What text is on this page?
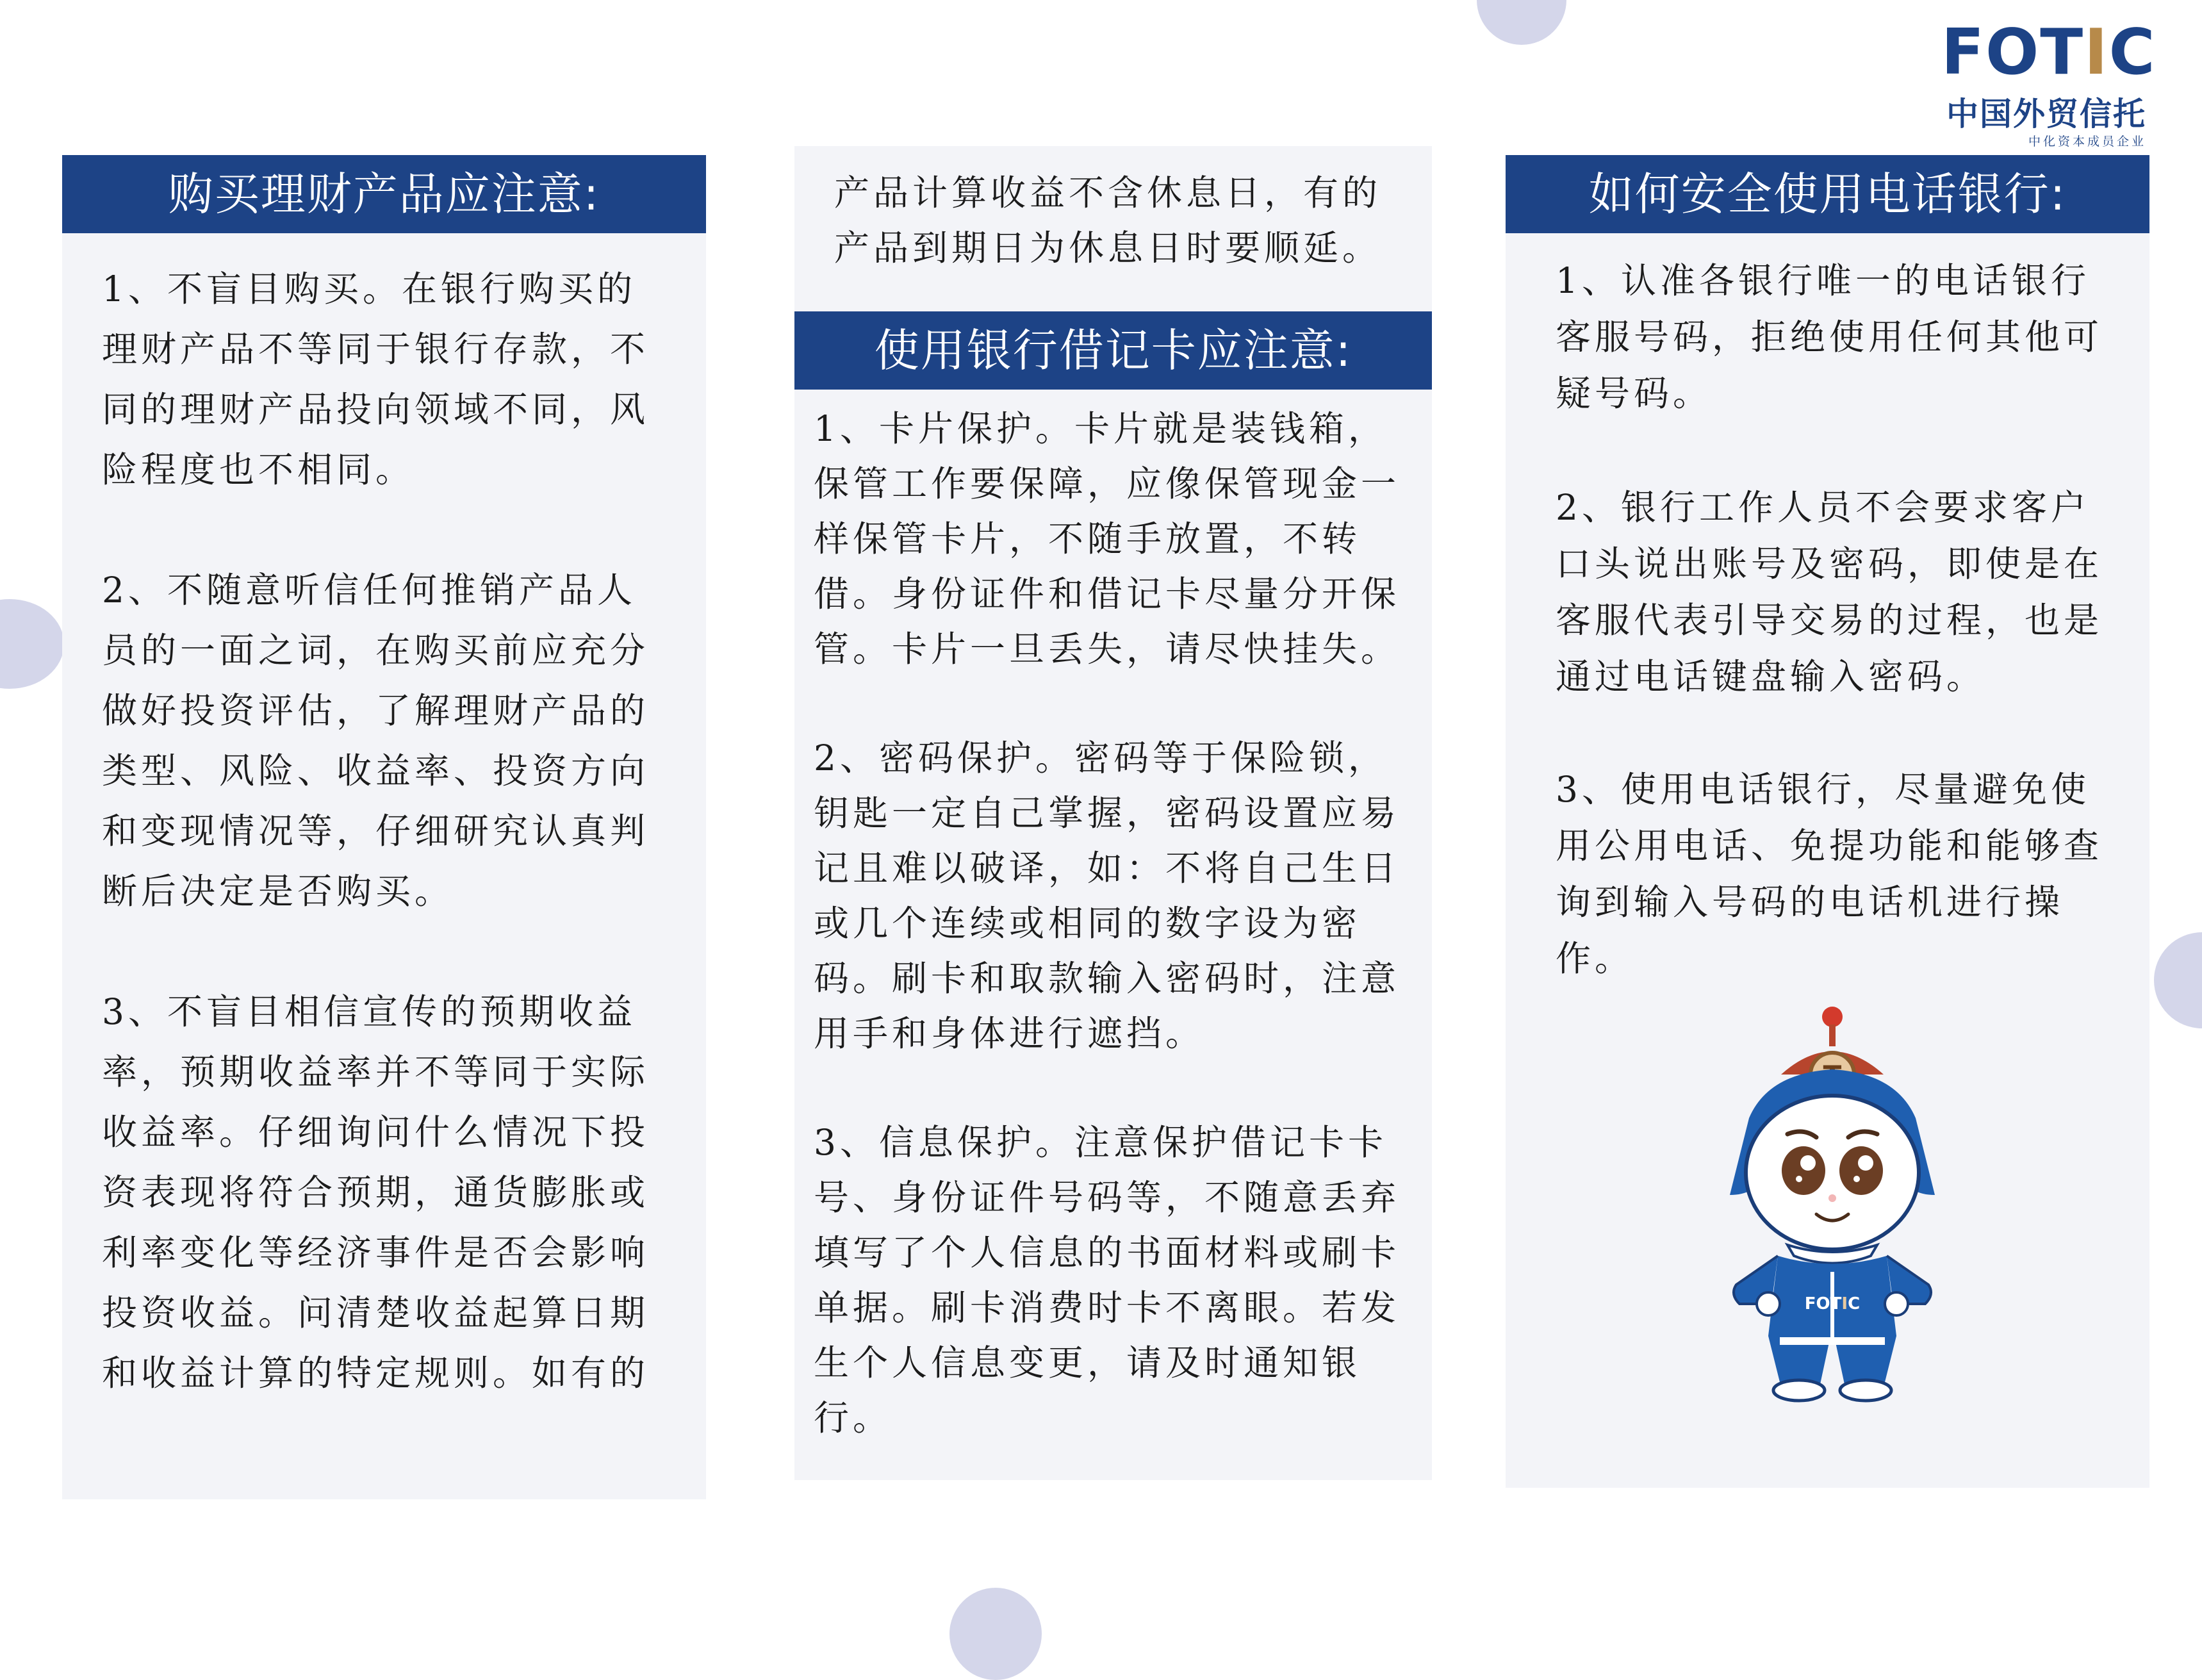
FOTIC
中国外贸信托
中化资本成员企业
购买理财产品应注意:

1、不盲目购买。在银行购买的
理财产品不等同于银行存款，不
同的理财产品投向领域不同，风
险程度也不相同。

2、不随意听信任何推销产品人
员的一面之词，在购买前应充分
做好投资评估，了解理财产品的
类型、风险、收益率、投资方向
和变现情况等，仔细研究认真判
断后决定是否购买。

3、不盲目相信宣传的预期收益
率，预期收益率并不等同于实际
收益率。仔细询问什么情况下投
资表现将符合预期，通货膨胀或
利率变化等经济事件是否会影响
投资收益。问清楚收益起算日期
和收益计算的特定规则。如有的

产品计算收益不含休息日，有的
产品到期日为休息日时要顺延。

使用银行借记卡应注意:

1、卡片保护。卡片就是装钱箱，
保管工作要保障，应像保管现金一
样保管卡片，不随手放置，不转
借。身份证件和借记卡尽量分开保
管。卡片一旦丢失，请尽快挂失。

2、密码保护。密码等于保险锁，
钥匙一定自己掌握，密码设置应易
记且难以破译，如：不将自己生日
或几个连续或相同的数字设为密
码。刷卡和取款输入密码时，注意
用手和身体进行遮挡。

3、信息保护。注意保护借记卡卡
号、身份证件号码等，不随意丢弃
填写了个人信息的书面材料或刷卡
单据。刷卡消费时卡不离眼。若发
生个人信息变更，请及时通知银
行。

如何安全使用电话银行:

1、认准各银行唯一的电话银行
客服号码，拒绝使用任何其他可
疑号码。

2、银行工作人员不会要求客户
口头说出账号及密码，即使是在
客服代表引导交易的过程，也是
通过电话键盘输入密码。

3、使用电话银行，尽量避免使
用公用电话、免提功能和能够查
询到输入号码的电话机进行操
作。

FOTIC
